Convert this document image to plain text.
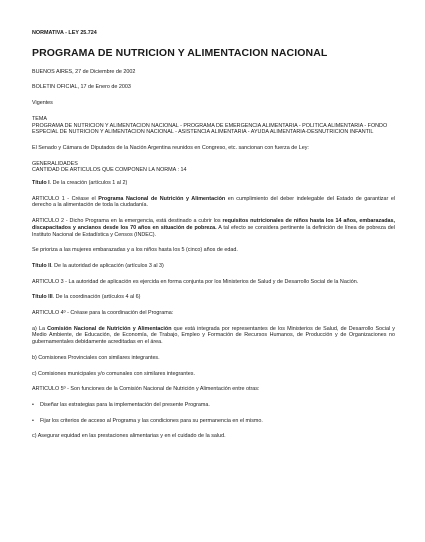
NORMATIVA - LEY 25.724

PROGRAMA DE NUTRICION Y ALIMENTACION NACIONAL

BUENOS AIRES, 27 de Diciembre de 2002

BOLETIN OFICIAL, 17 de Enero de 2003

Vigentes

TEMA

PROGRAMA DE NUTRICION Y ALIMENTACION NACIONAL - PROGRAMA DE EMERGENCIA ALIMENTARIA - POLITICA ALIMENTARIA - FONDO ESPECIAL DE NUTRICION Y ALIMENTACION NACIONAL - ASISTENCIA ALIMENTARIA - AYUDA ALIMENTARIA-DESNUTRICION INFANTIL

El Senado y Cámara de Diputados de la Nación Argentina reunidos en Congreso, etc. sancionan con fuerza de Ley:

GENERALIDADES

CANTIDAD DE ARTICULOS QUE COMPONEN LA NORMA : 14

Título I. De la creación (artículos 1 al 2)

ARTICULO 1 - Créase el Programa Nacional de Nutrición y Alimentación en cumplimiento del deber indelegable del Estado de garantizar el derecho a la alimentación de toda la ciudadanía.

ARTICULO 2 - Dicho Programa en la emergencia, está destinado a cubrir los requisitos nutricionales de niños hasta los 14 años, embarazadas, discapacitados y ancianos desde los 70 años en situación de pobreza. A tal efecto se considera pertinente la definición de línea de pobreza del Instituto Nacional de Estadística y Censos (INDEC).

Se prioriza a las mujeres embarazadas y a los niños hasta los 5 (cinco) años de edad.

Título II. De la autoridad de aplicación (artículos 3 al 3)

ARTICULO 3 - La autoridad de aplicación es ejercida en forma conjunta por los Ministerios de Salud y de Desarrollo Social de la Nación.

Título III. De la coordinación (artículos 4 al 6)

ARTICULO 4º - Créase para la coordinación del Programa:

a) La Comisión Nacional de Nutrición y Alimentación que está integrada por representantes de los Ministerios de Salud, de Desarrollo Social y Medio Ambiente, de Educación, de Economía, de Trabajo, Empleo y Formación de Recursos Humanos, de Producción y de Organizaciones no gubernamentales debidamente acreditadas en el área.

b) Comisiones Provinciales con similares integrantes.

c) Comisiones municipales y/o comunales con similares integrantes.

ARTICULO 5º - Son funciones de la Comisión Nacional de Nutrición y Alimentación entre otras:

• Diseñar las estrategias para la implementación del presente Programa.

• Fijar los criterios de acceso al Programa y las condiciones para su permanencia en el mismo.

c) Asegurar equidad en las prestaciones alimentarias y en el cuidado de la salud.
